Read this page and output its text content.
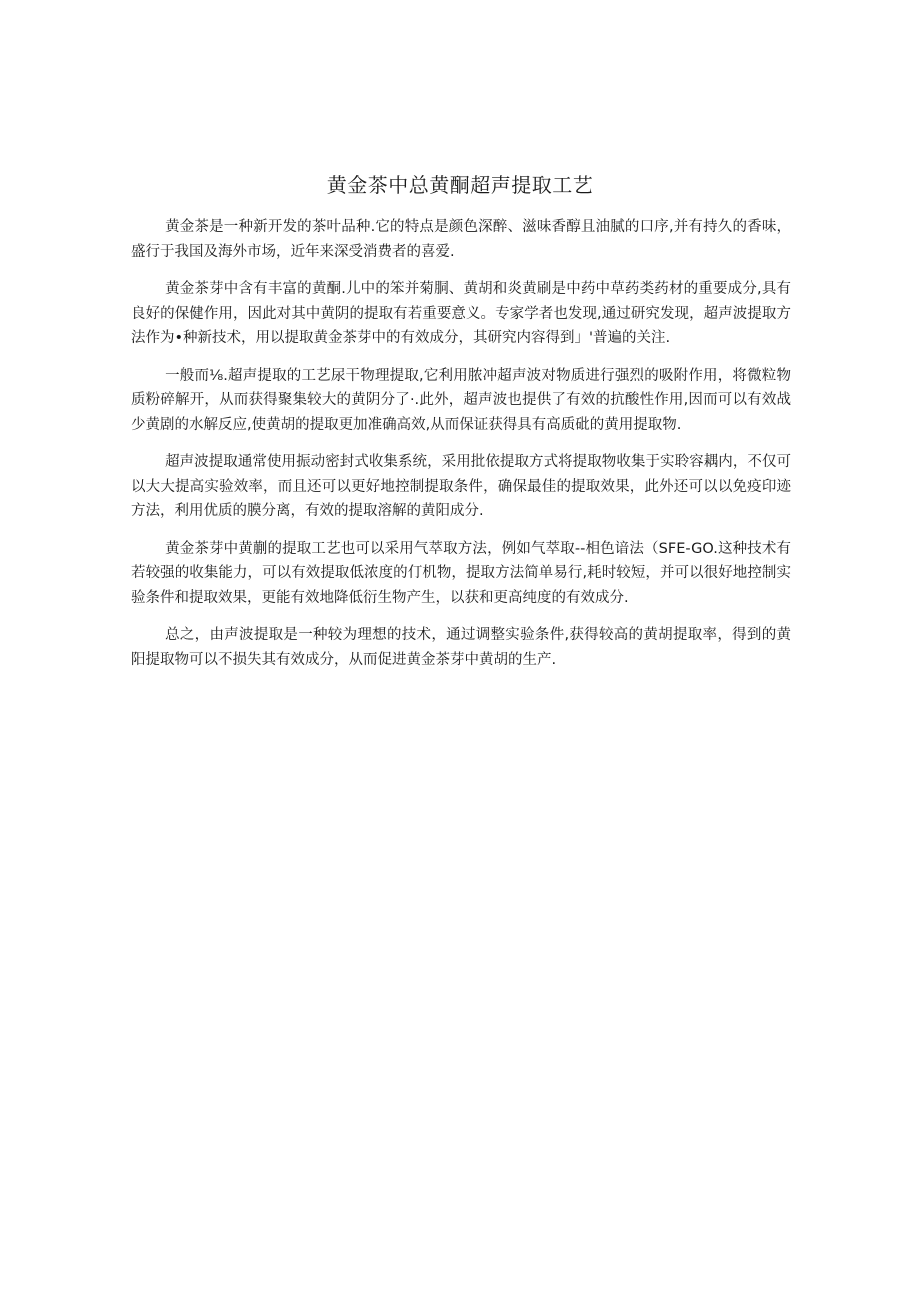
黄金茶中总黄酮超声提取工艺

黄金茶是一种新开发的茶叶品种.它的特点是颜色深醉、滋味香醇且油腻的口序,并有持久的香味，盛行于我国及海外市场，近年来深受消费者的喜爱.

黄金茶芽中含有丰富的黄酮.儿中的笨并菊胴、黄胡和炎黄刷是中药中草药类药材的重要成分,具有良好的保健作用，因此对其中黄阴的提取有若重要意义。专家学者也发现,通过研究发现，超声波提取方法作为•种新技术，用以提取黄金茶芽中的有效成分，其研究内容得到」'普遍的关注.

一般而⅛.超声提取的工艺尿干物理提取,它利用脓冲超声波对物质进行强烈的吸附作用，将微粒物质粉碎解开，从而获得聚集较大的黄阴分了·.此外，超声波也提供了有效的抗酸性作用,因而可以有效战少黄剧的水解反应,使黄胡的提取更加准确高效,从而保证获得具有高质砒的黄用提取物.

超声波提取通常使用振动密封式收集系统，采用批依提取方式将提取物收集于实聆容耦内，不仅可以大大提高实验效率，而且还可以更好地控制提取条件，确保最佳的提取效果，此外还可以以免疫印迹方法，利用优质的膜分离，有效的提取溶解的黄阳成分.

黄金茶芽中黄蒯的提取工艺也可以采用气萃取方法，例如气萃取--相色谙法（SFE-GO.这种技术有若较强的收集能力，可以有效提取低浓度的仃机物，提取方法简单易行,耗时较短，并可以很好地控制实验条件和提取效果，更能有效地降低衍生物产生，以获和更高纯度的有效成分.

总之，由声波提取是一种较为理想的技术，通过调整实验条件,获得较高的黄胡提取率，得到的黄阳提取物可以不损失其有效成分，从而促进黄金茶芽中黄胡的生产.
